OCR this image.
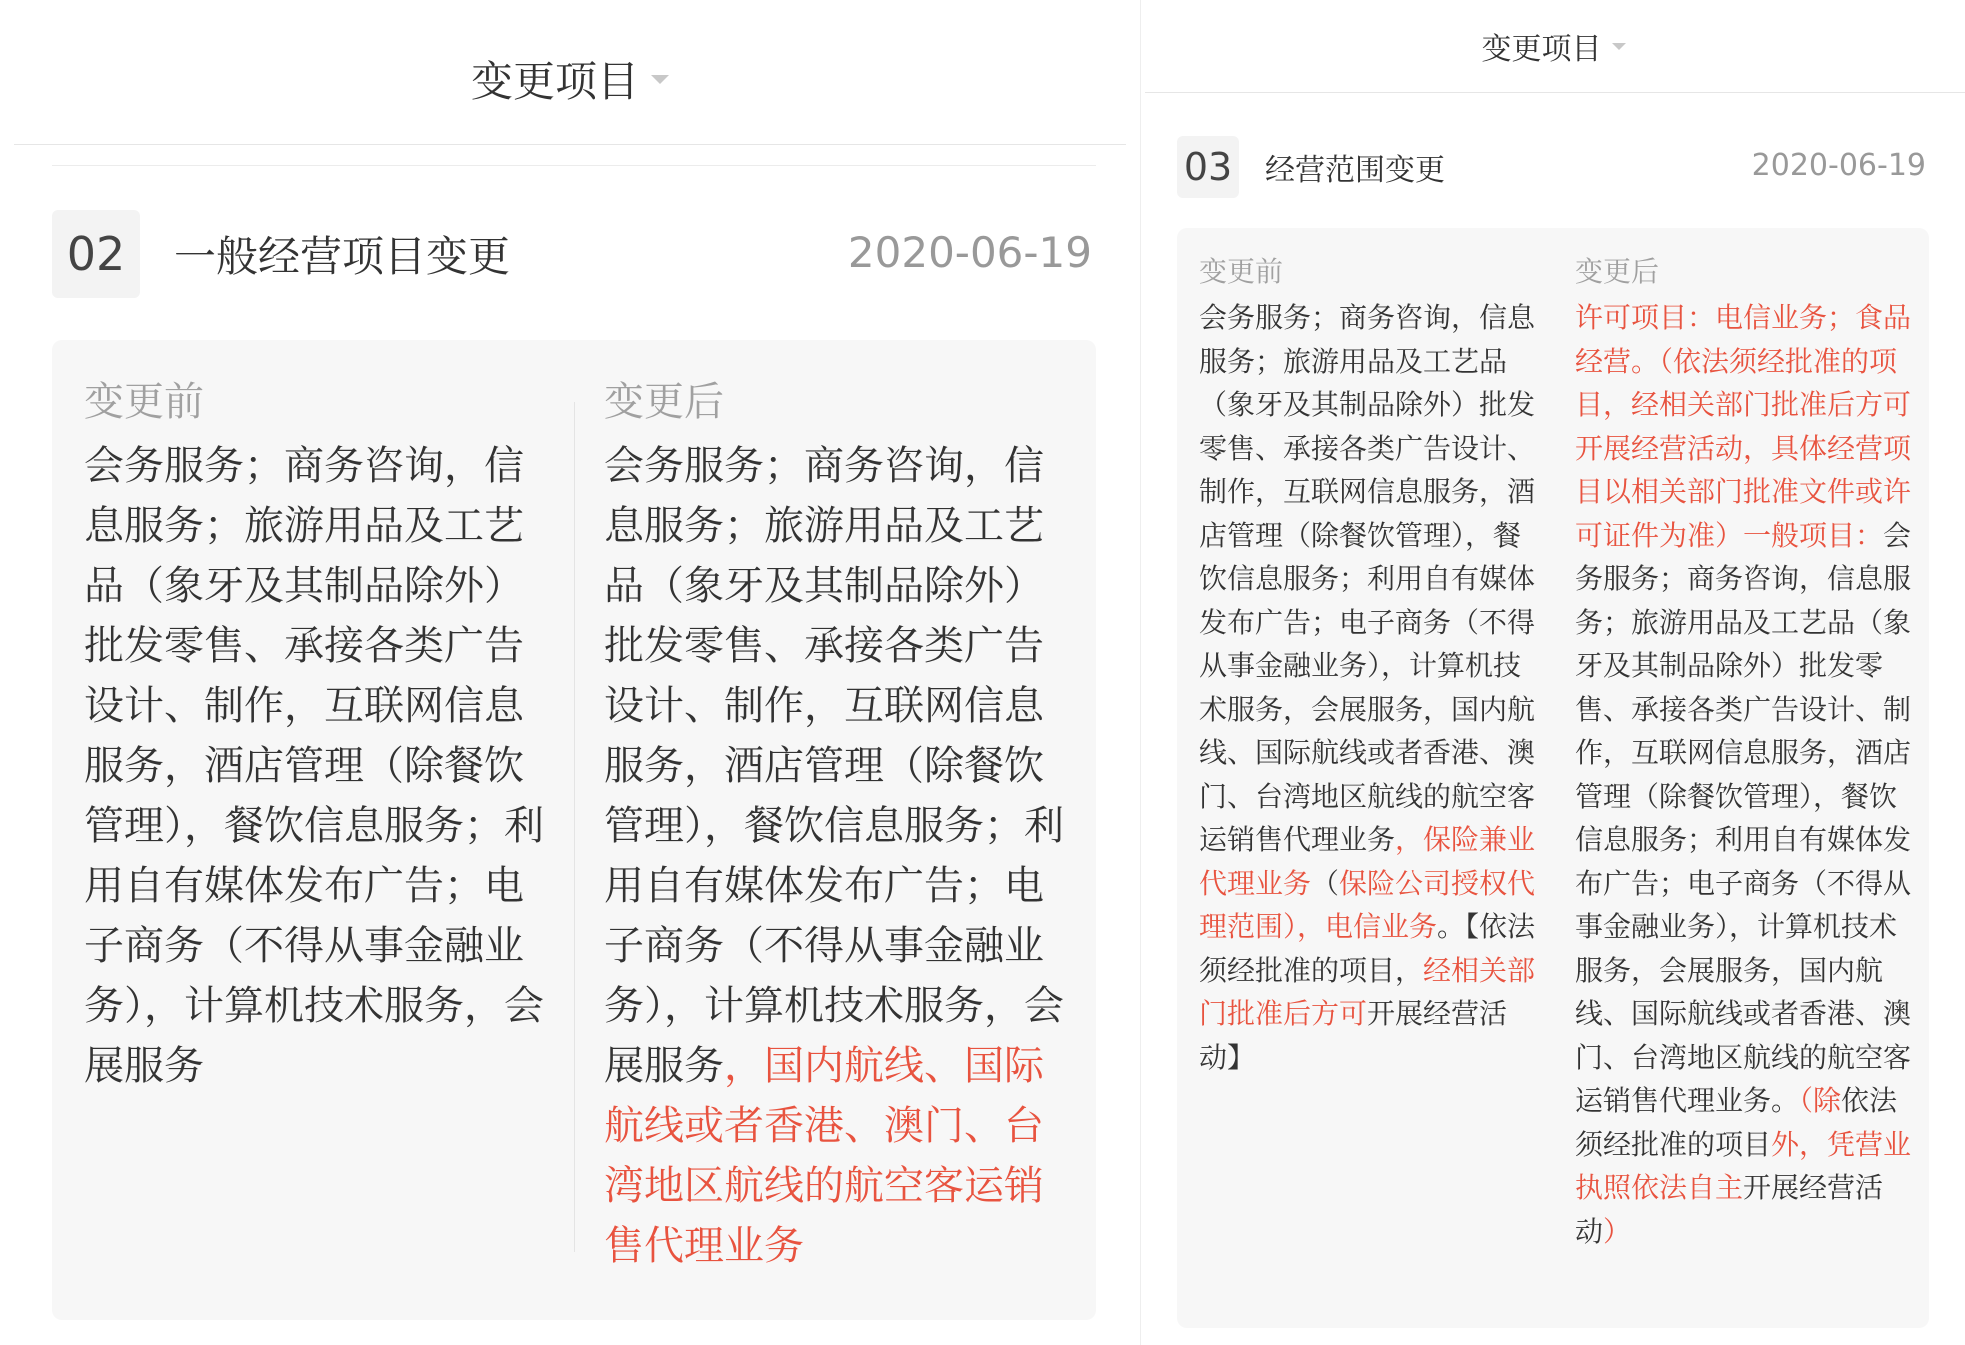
变更项目
02	一般经营项目变更	2020-06-19
变更前
会务服务；商务咨询，信息服务；旅游用品及工艺品（象牙及其制品除外）批发零售、承接各类广告设计、制作，互联网信息服务，酒店管理（除餐饮管理），餐饮信息服务；利用自有媒体发布广告；电子商务（不得从事金融业务），计算机技术服务，会展服务
变更后
会务服务；商务咨询，信息服务；旅游用品及工艺品（象牙及其制品除外）批发零售、承接各类广告设计、制作，互联网信息服务，酒店管理（除餐饮管理），餐饮信息服务；利用自有媒体发布广告；电子商务（不得从事金融业务），计算机技术服务，会展服务，国内航线、国际航线或者香港、澳门、台湾地区航线的航空客运销售代理业务
变更项目
03 经营范围变更	2020-06-19
变更前
会务服务；商务咨询，信息服务；旅游用品及工艺品（象牙及其制品除外）批发零售、承接各类广告设计、制作，互联网信息服务，酒店管理（除餐饮管理），餐饮信息服务；利用自有媒体发布广告；电子商务（不得从事金融业务），计算机技术服务，会展服务，国内航线、国际航线或者香港、澳门、台湾地区航线的航空客运销售代理业务，保险兼业代理业务（保险公司授权代理范围），电信业务。【依法须经批准的项目，经相关部门批准后方可开展经营活动】
变更后
许可项目：电信业务；食品经营。（依法须经批准的项目，经相关部门批准后方可开展经营活动，具体经营项目以相关部门批准文件或许可证件为准）一般项目：会务服务；商务咨询，信息服务；旅游用品及工艺品（象牙及其制品除外）批发零售、承接各类广告设计、制作，互联网信息服务，酒店管理（除餐饮管理），餐饮信息服务；利用自有媒体发布广告；电子商务（不得从事金融业务），计算机技术服务，会展服务，国内航线、国际航线或者香港、澳门、台湾地区航线的航空客运销售代理业务。（除依法须经批准的项目外，凭营业执照依法自主开展经营活动）
